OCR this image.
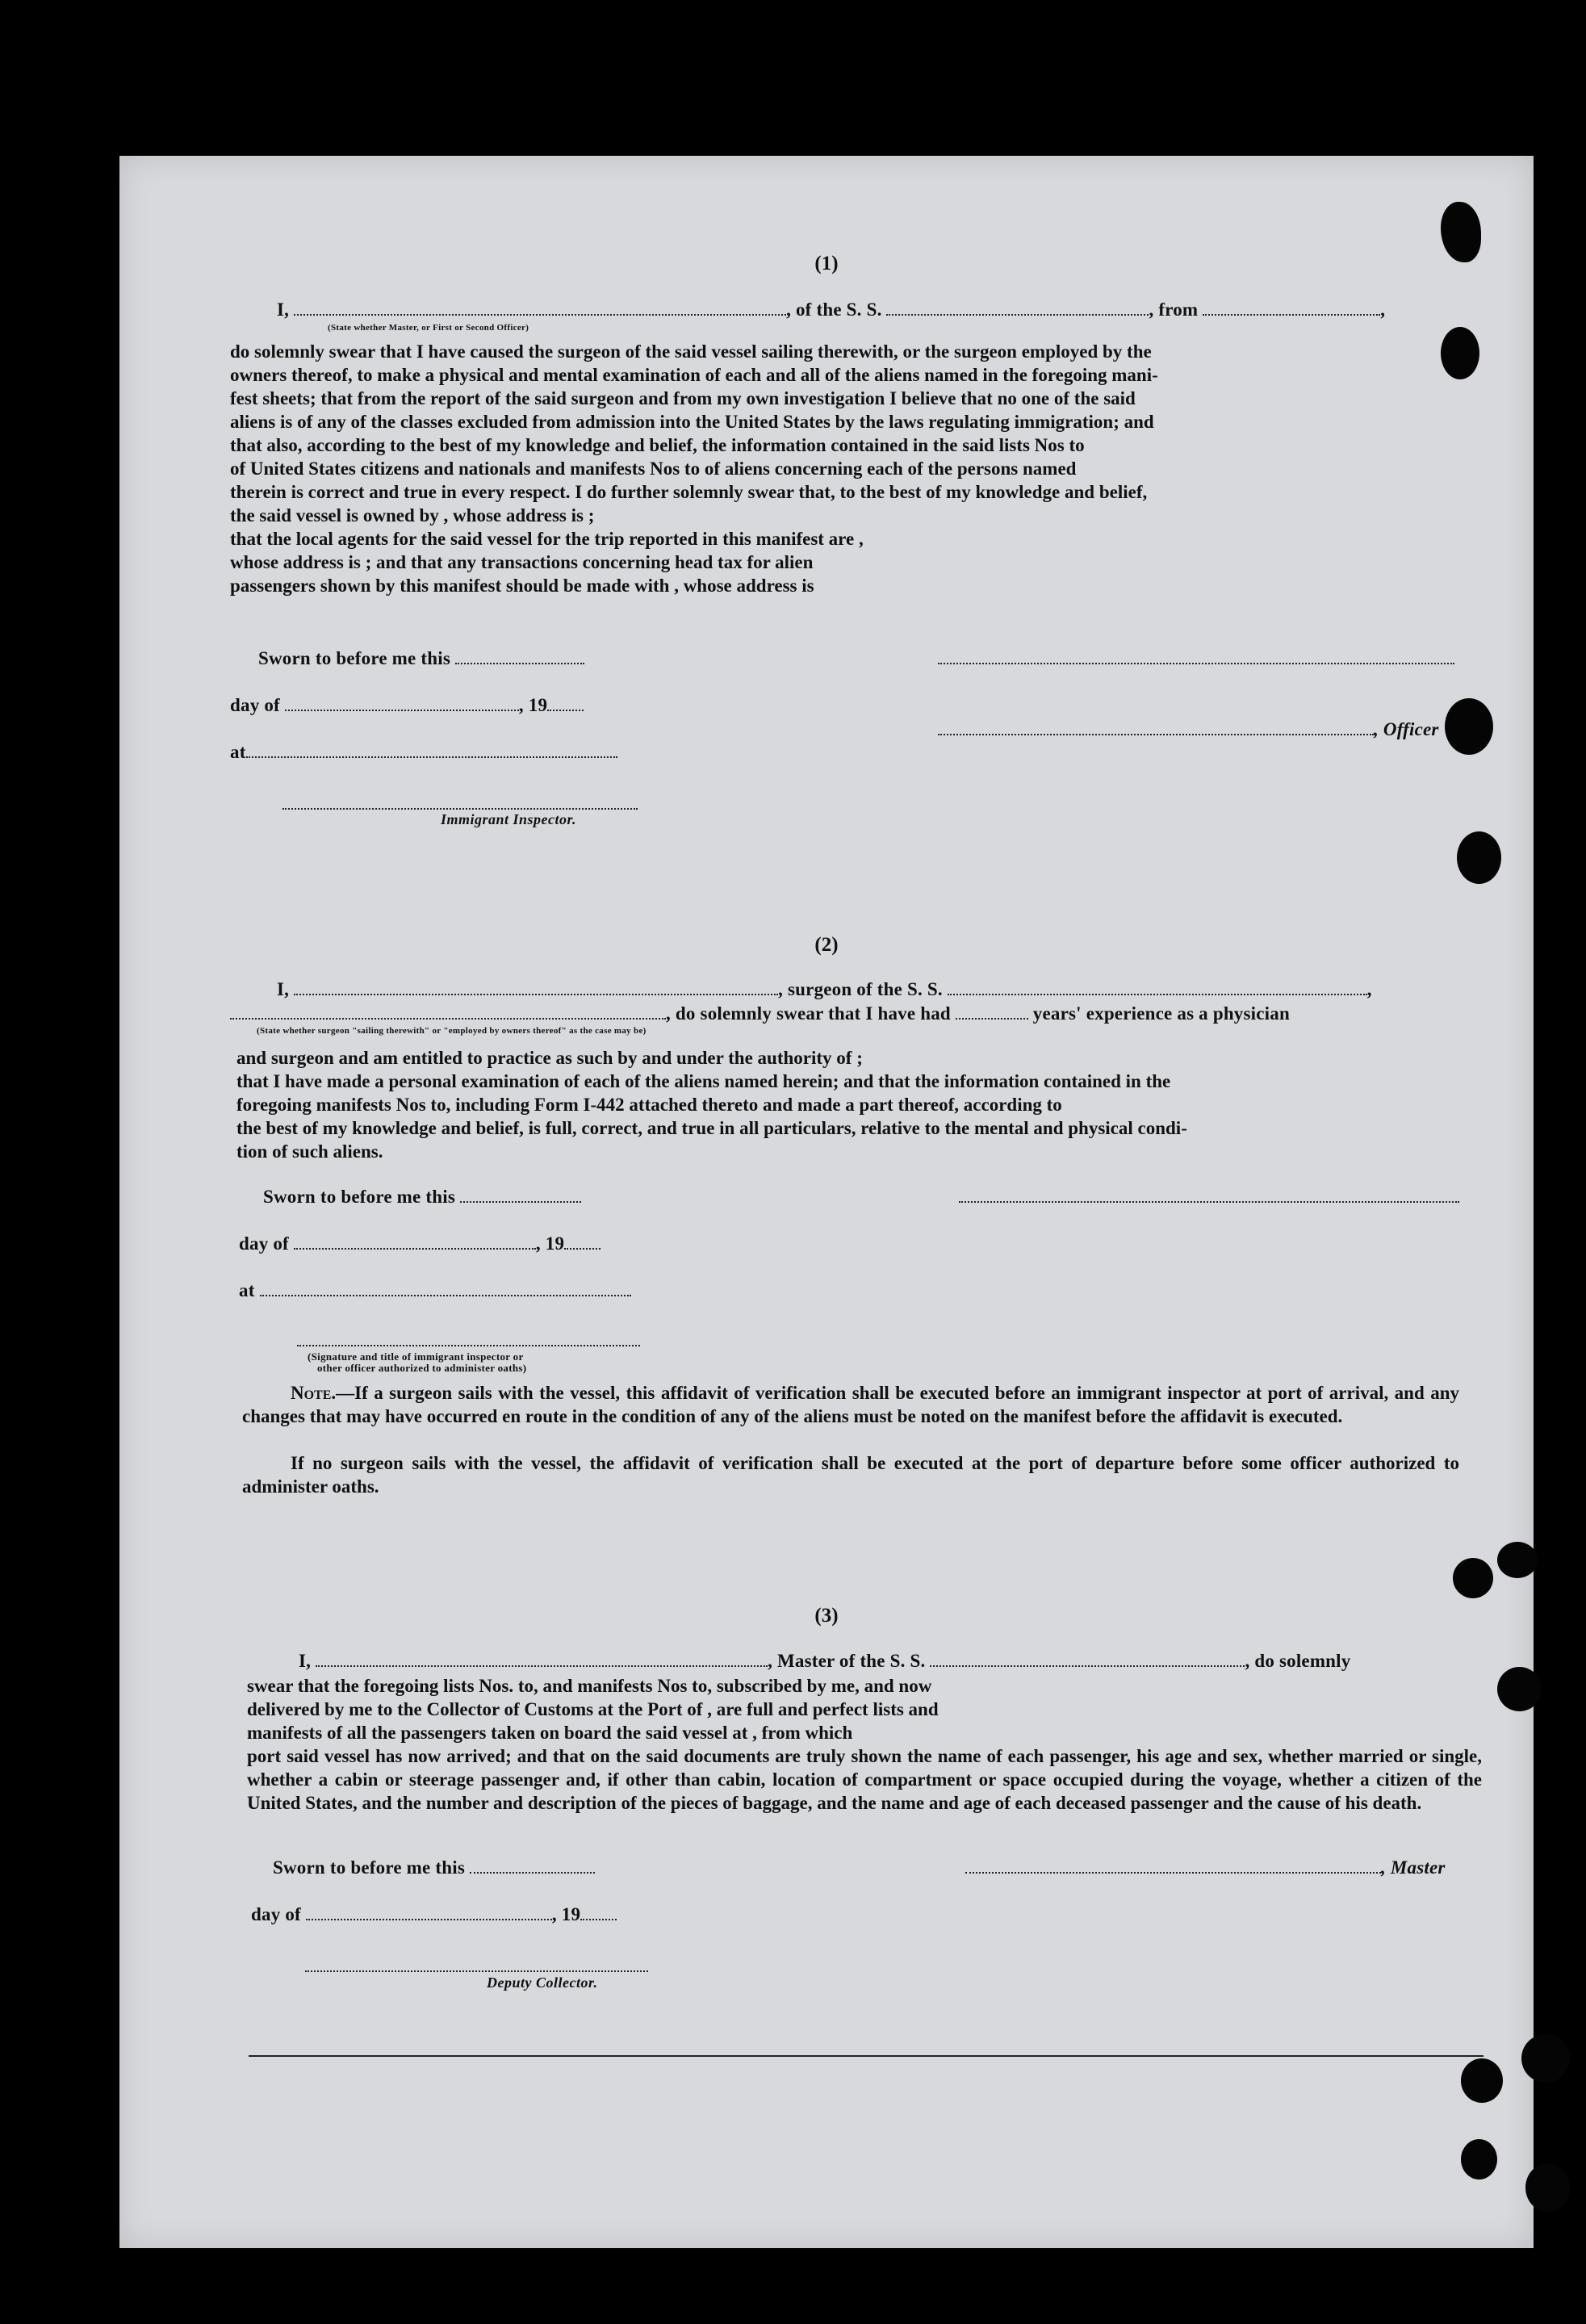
(1)
I,	, of the S. S.	, from	,
(State whether Master, or First or Second Officer)
do solemnly swear that I have caused the surgeon of the said vessel sailing therewith, or the surgeon employed by the
owners thereof, to make a physical and mental examination of each and all of the aliens named in the foregoing mani-
fest sheets; that from the report of the said surgeon and from my own investigation I believe that no one of the said
aliens is of any of the classes excluded from admission into the United States by the laws regulating immigration; and
that also, according to the best of my knowledge and belief, the information contained in the said lists Nos to
of United States citizens and nationals and manifests Nos to of aliens concerning each of the persons named
therein is correct and true in every respect. I do further solemnly swear that, to the best of my knowledge and belief,
the said vessel is owned by , whose address is ;
that the local agents for the said vessel for the trip reported in this manifest are ,
whose address is ; and that any transactions concerning head tax for alien
passengers shown by this manifest should be made with , whose address is
Sworn to before me this
day of	, 19
at
Immigrant Inspector.
, Officer
(2)
I,	, surgeon of the S. S.	,
, do solemnly swear that I have had	years' experience as a physician
(State whether surgeon "sailing therewith" or "employed by owners thereof" as the case may be)
and surgeon and am entitled to practice as such by and under the authority of ;
that I have made a personal examination of each of the aliens named herein; and that the information contained in the
foregoing manifests Nos to, including Form I-442 attached thereto and made a part thereof, according to
the best of my knowledge and belief, is full, correct, and true in all particulars, relative to the mental and physical condi-
tion of such aliens.
Sworn to before me this
day of	, 19
at
(Signature and title of immigrant inspector or
other officer authorized to administer oaths)
Note.—If a surgeon sails with the vessel, this affidavit of verification shall be executed before an immigrant inspector at port of arrival, and any changes that may have occurred en route in the condition of any of the aliens must be noted on the manifest before the affidavit is executed.
If no surgeon sails with the vessel, the affidavit of verification shall be executed at the port of departure before some officer authorized to administer oaths.
(3)
I,	, Master of the S. S.	, do solemnly
swear that the foregoing lists Nos. to, and manifests Nos to, subscribed by me, and now
delivered by me to the Collector of Customs at the Port of , are full and perfect lists and
manifests of all the passengers taken on board the said vessel at , from which
port said vessel has now arrived; and that on the said documents are truly shown the name of each passenger, his age and sex, whether married or single, whether a cabin or steerage passenger and, if other than cabin, location of compartment or space occupied during the voyage, whether a citizen of the United States, and the number and description of the pieces of baggage, and the name and age of each deceased passenger and the cause of his death.
Sworn to before me this	, Master
day of	, 19
Deputy Collector.
